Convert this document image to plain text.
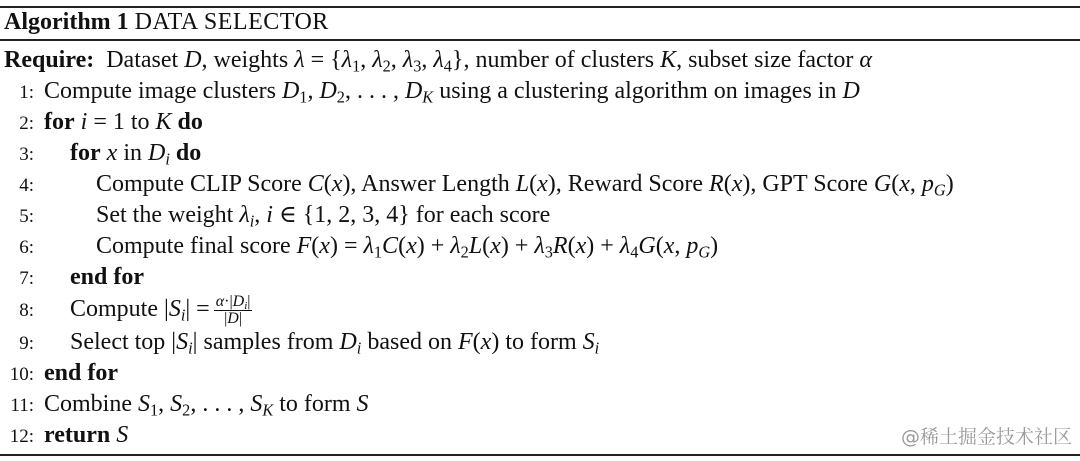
Algorithm 1 DATA SELECTOR
Require:  Dataset D, weights $\lambda = \{\lambda_1$, $\lambda_2$, $\lambda_3$, $\lambda_4$}, number of clusters K, subset size factor α
1: Compute image clusters $D_1$, $D_2$, . . . , $D_K$ using a clustering algorithm on images in D
2: for i = 1 to K do
3: for x in $D_i$ do
4:	Compute CLIP Score C(x), Answer Length L(x), Reward Score R(x), GPT Score G(x, $p_G$)
5:	Set the weight $\lambda_i$, i ∈ {1, 2, 3, 4} for each score
6:	Compute final score $F(x) = \lambda_1C(x) + \lambda_2L(x) + \lambda_3R(x) + \lambda_4G(x$, $p_G$)
7: end for
8: Compute $|S_i| = \frac{\alpha\cdot|D_i|}{|D|}$
9: Select top $|S_i|$ samples from $D_i$ based on F(x) to form $S_i$
10: end for
11: Combine $S_1$, $S_2$, . . . , $S_K$ to form S
12: return S	@稀土掘金技术社区
